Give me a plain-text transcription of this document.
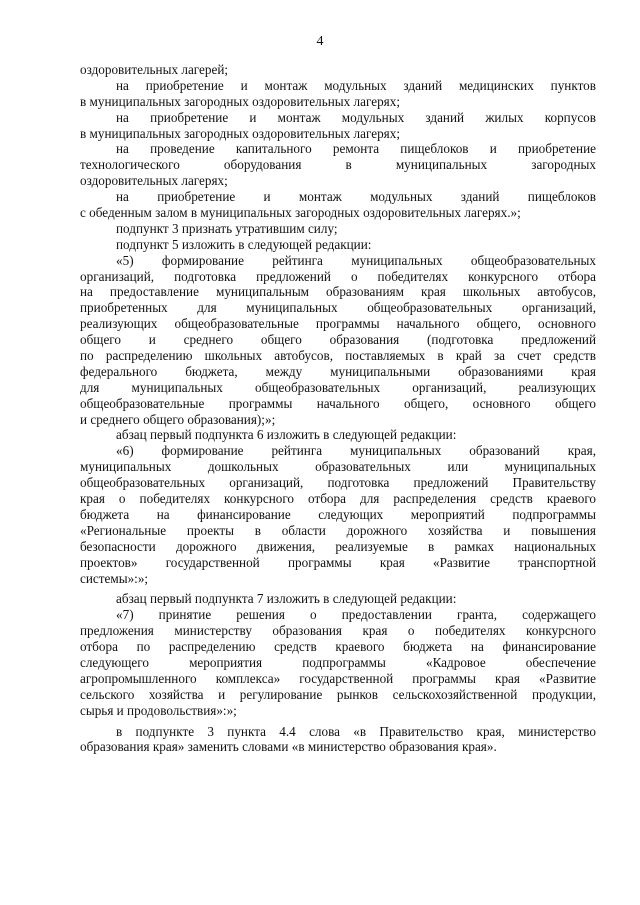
4
оздоровительных лагерей;
на приобретение и монтаж модульных зданий медицинских пунктов
в муниципальных загородных оздоровительных лагерях;
на приобретение и монтаж модульных зданий жилых корпусов
в муниципальных загородных оздоровительных лагерях;
на проведение капитального ремонта пищеблоков и приобретение
технологического оборудования в муниципальных загородных
оздоровительных лагерях;
на приобретение и монтаж модульных зданий пищеблоков
с обеденным залом в муниципальных загородных оздоровительных лагерях.»;
подпункт 3 признать утратившим силу;
подпункт 5 изложить в следующей редакции:
«5) формирование рейтинга муниципальных общеобразовательных
организаций, подготовка предложений о победителях конкурсного отбора
на предоставление муниципальным образованиям края школьных автобусов,
приобретенных для муниципальных общеобразовательных организаций,
реализующих общеобразовательные программы начального общего, основного
общего и среднего общего образования (подготовка предложений
по распределению школьных автобусов, поставляемых в край за счет средств
федерального бюджета, между муниципальными образованиями края
для муниципальных общеобразовательных организаций, реализующих
общеобразовательные программы начального общего, основного общего
и среднего общего образования);»;
абзац первый подпункта 6 изложить в следующей редакции:
«6) формирование рейтинга муниципальных образований края,
муниципальных дошкольных образовательных или муниципальных
общеобразовательных организаций, подготовка предложений Правительству
края о победителях конкурсного отбора для распределения средств краевого
бюджета на финансирование следующих мероприятий подпрограммы
«Региональные проекты в области дорожного хозяйства и повышения
безопасности дорожного движения, реализуемые в рамках национальных
проектов» государственной программы края «Развитие транспортной
системы»:»;
абзац первый подпункта 7 изложить в следующей редакции:
«7) принятие решения о предоставлении гранта, содержащего
предложения министерству образования края о победителях конкурсного
отбора по распределению средств краевого бюджета на финансирование
следующего мероприятия подпрограммы «Кадровое обеспечение
агропромышленного комплекса» государственной программы края «Развитие
сельского хозяйства и регулирование рынков сельскохозяйственной продукции,
сырья и продовольствия»:»;
в подпункте 3 пункта 4.4 слова «в Правительство края, министерство
образования края» заменить словами «в министерство образования края».
